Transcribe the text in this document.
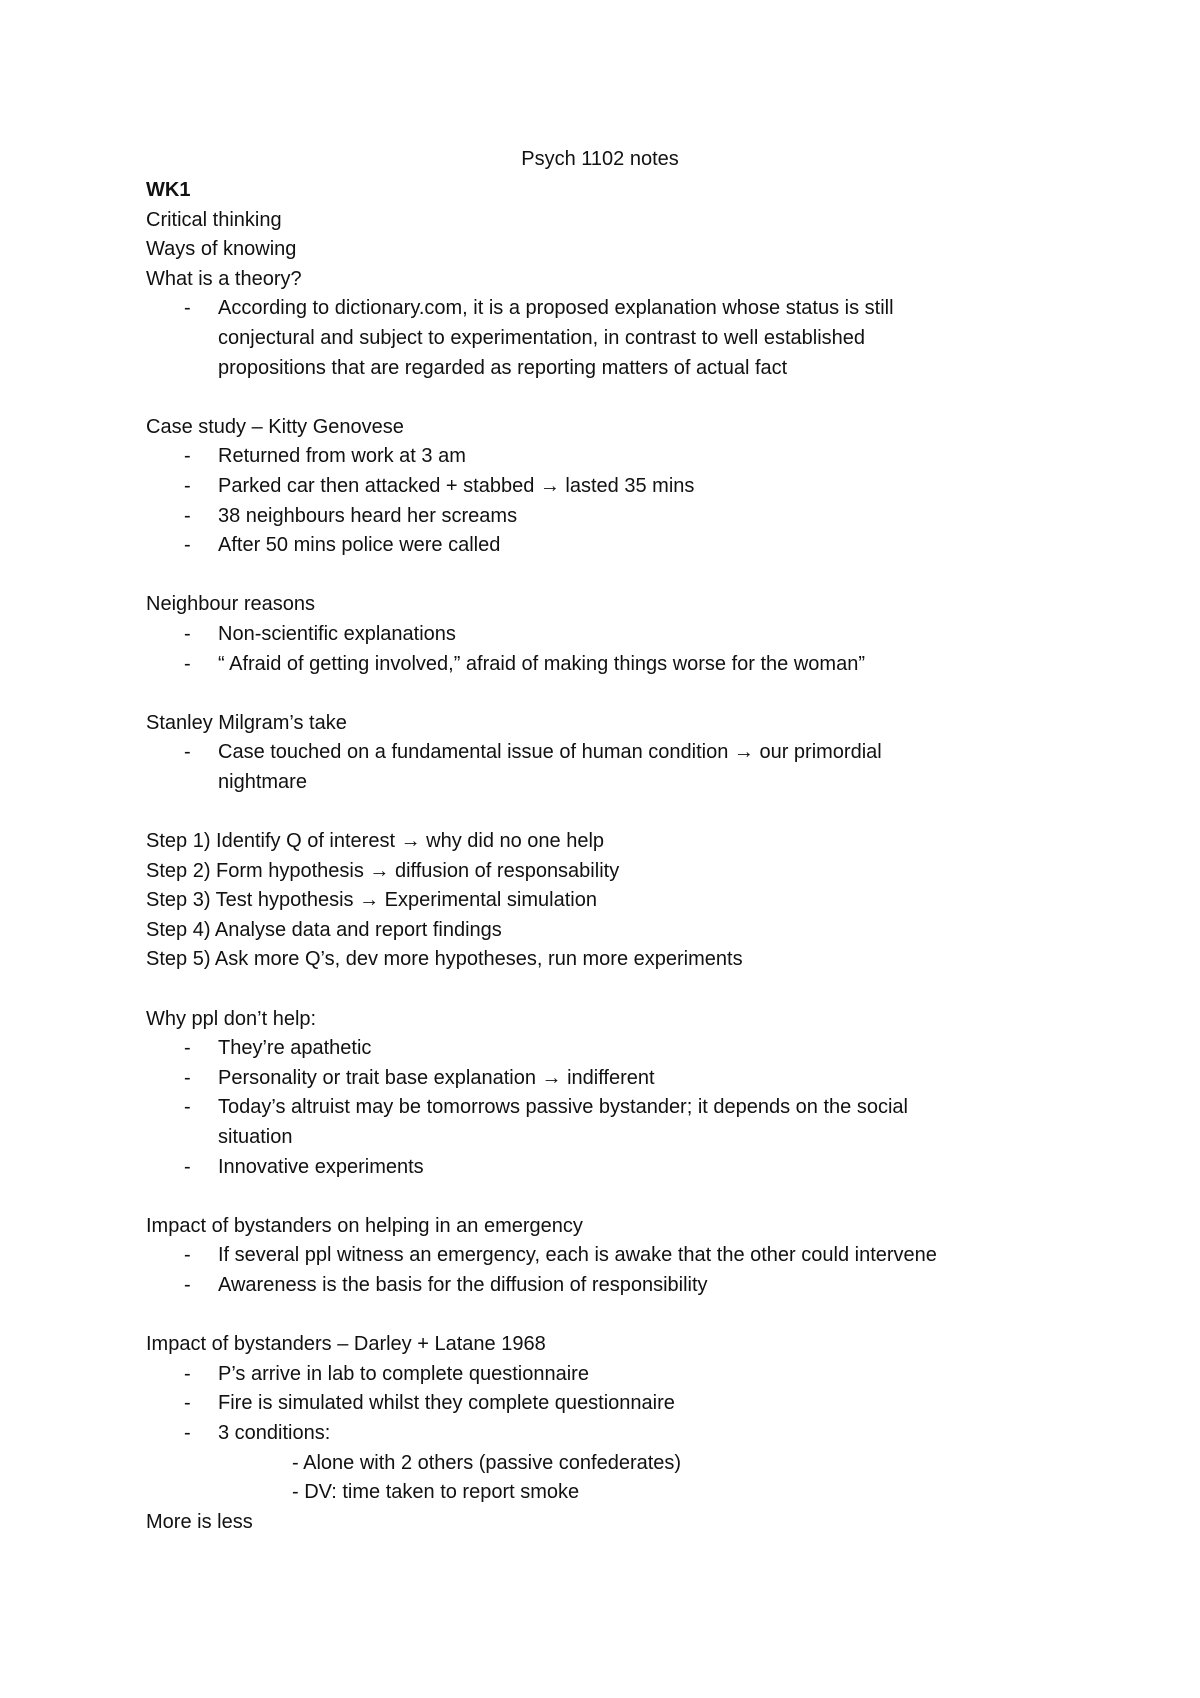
Psych 1102 notes
WK1
Critical thinking
Ways of knowing
What is a theory?
-	According to dictionary.com, it is a proposed explanation whose status is still conjectural and subject to experimentation, in contrast to well established propositions that are regarded as reporting matters of actual fact
Case study – Kitty Genovese
-	Returned from work at 3 am
-	Parked car then attacked + stabbed → lasted 35 mins
-	38 neighbours heard her screams
-	After 50 mins police were called
Neighbour reasons
-	Non-scientific explanations
-	“ Afraid of getting involved,” afraid of making things worse for the woman”
Stanley Milgram’s take
-	Case touched on a fundamental issue of human condition → our primordial nightmare
Step 1) Identify Q of interest → why did no one help
Step 2) Form hypothesis → diffusion of responsability
Step 3) Test hypothesis → Experimental simulation
Step 4) Analyse data and report findings
Step 5) Ask more Q’s, dev more hypotheses, run more experiments
Why ppl don’t help:
-	They’re apathetic
-	Personality or trait base explanation → indifferent
-	Today’s altruist may be tomorrows passive bystander; it depends on the social situation
-	Innovative experiments
Impact of bystanders on helping in an emergency
-	If several ppl witness an emergency, each is awake that the other could intervene
-	Awareness is the basis for the diffusion of responsibility
Impact of bystanders – Darley + Latane 1968
-	P’s arrive in lab to complete questionnaire
-	Fire is simulated whilst they complete questionnaire
-	3 conditions:
- Alone with 2 others (passive confederates)
- DV: time taken to report smoke
More is less
